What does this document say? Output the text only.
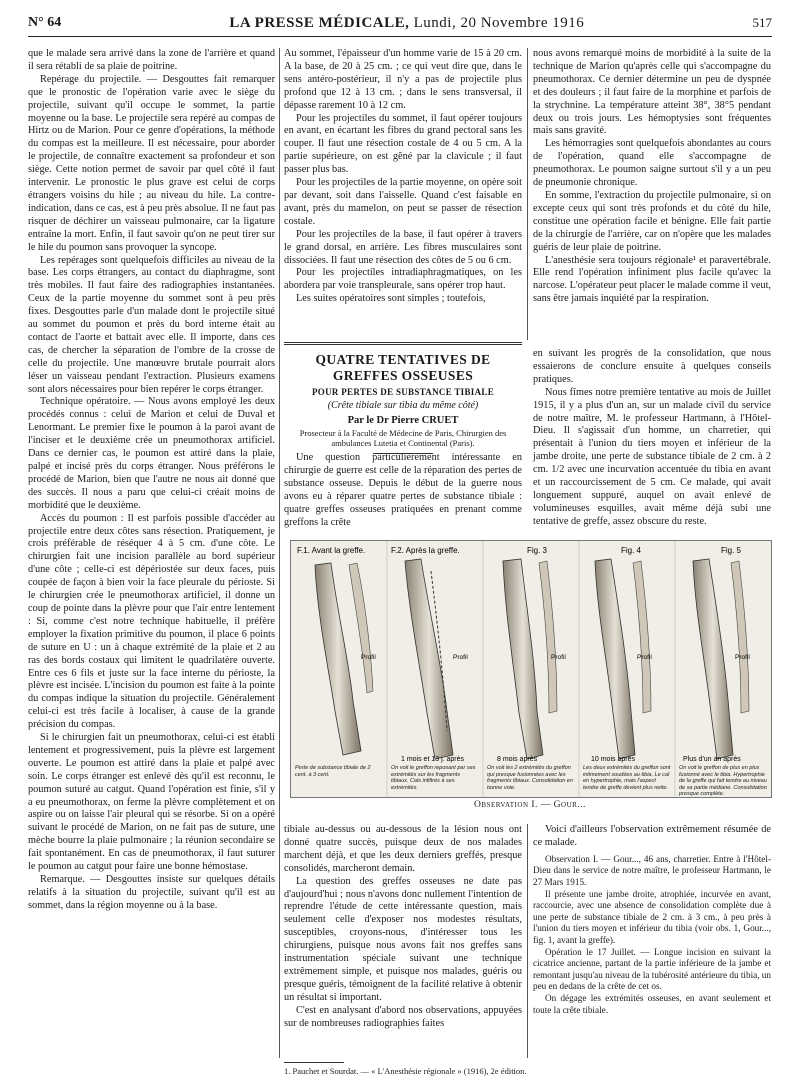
N° 64	LA PRESSE MÉDICALE, Lundi, 20 Novembre 1916	517

que le malade sera arrivé dans la zone de l'arrière et quand il sera rétabli de sa plaie de poitrine.

Repérage du projectile. — Desgouttes fait remarquer que le pronostic de l'opération varie avec le siège du projectile, suivant qu'il occupe le sommet, la partie moyenne ou la base. Le projectile sera repéré au compas de Hirtz ou de Marion. Pour ce genre d'opérations, la méthode du compas est la meilleure. Il est nécessaire, pour aborder le projectile, de connaître exactement sa profondeur et son siège. Cette notion permet de savoir par quel côté il faut intervenir. Le pronostic le plus grave est celui de corps étrangers voisins du hile ; au niveau du hile. La contre-indication, dans ce cas, est à peu près absolue. Il ne faut pas risquer de déchirer un vaisseau pulmonaire, car la ligature entraîne la mort. Enfin, il faut savoir qu'on ne peut tirer sur le hile du poumon sans provoquer la syncope.

Les repérages sont quelquefois difficiles au niveau de la base. Les corps étrangers, au contact du diaphragme, sont très mobiles. Il faut faire des radiographies instantanées. Ceux de la partie moyenne du sommet sont à peu près fixes. Desgouttes parle d'un malade dont le projectile situé au sommet du poumon et près du bord interne était au contact de l'aorte et battait avec elle. Il importe, dans ces cas, de chercher la séparation de l'ombre de la crosse de celle du projectile. Une manœuvre brutale pourrait alors léser un vaisseau pendant l'extraction. Plusieurs examens sont alors nécessaires pour bien repérer le corps étranger.

Technique opératoire. — Nous avons employé les deux procédés connus : celui de Marion et celui de Duval et Lenormant. Le premier fixe le poumon à la paroi avant de l'inciser et le deuxième crée un pneumothorax artificiel. Dans ce dernier cas, le poumon est attiré dans la plaie, palpé et incisé près du corps étranger. Nous préférons le procédé de Marion, bien que l'autre ne nous ait donné que des succès. Il nous a paru que celui-ci créait moins de morbidité que le deuxième.

Accès du poumon : Il est parfois possible d'accéder au projectile entre deux côtes sans résection. Pratiquement, je crois préférable de réséquer 4 à 5 cm. d'une côte. Le chirurgien fait une incision parallèle au bord supérieur d'une côte ; celle-ci est dépériostée sur deux faces, puis coupée de façon à bien voir la face pleurale du périoste. Si le chirurgien crée le pneumothorax artificiel, il donne un coup de pointe dans la plèvre pour que l'air entre lentement : Si, comme c'est notre technique habituelle, il préfère employer la fixation primitive du poumon, il place 6 points de suture en U : un à chaque extrémité de la plaie et 2 au ras des bords costaux qui limitent le quadrilatère ouverte. Entre ces 6 fils et juste sur la face interne du périoste, la plèvre est incisée. L'incision du poumon est faite à la pointe du compas indique la situation du projectile. Généralement celui-ci est très facile à localiser, à cause de la grande précision du compas.

Si le chirurgien fait un pneumothorax, celui-ci est établi lentement et progressivement, puis la plèvre est largement ouverte. Le poumon est attiré dans la plaie et palpé avec soin. Le corps étranger est enlevé dès qu'il est reconnu, le poumon suturé au catgut. Quand l'opération est finie, s'il y a eu pneumothorax, on ferme la plèvre complètement et on aspire ou on laisse l'air pleural qui se résorbe. Si on a opéré suivant le procédé de Marion, on ne fait pas de suture, une mèche bourre la plaie pulmonaire ; la réunion secondaire se fait spontanément. En cas de pneumothorax, il faut suturer le poumon au catgut pour faire une bonne hémostase.

Remarque. — Desgouttes insiste sur quelques détails relatifs à la situation du projectile, suivant qu'il est au sommet, dans la région moyenne ou à la base.

Au sommet, l'épaisseur d'un homme varie de 15 à 20 cm. A la base, de 20 à 25 cm. ; ce qui veut dire que, dans le sens antéro-postérieur, il n'y a pas de projectile plus profond que 12 à 13 cm. ; dans le sens transversal, il dépasse rarement 10 à 12 cm.

Pour les projectiles du sommet, il faut opérer toujours en avant, en écartant les fibres du grand pectoral sans les couper. Il faut une résection costale de 4 ou 5 cm. A la partie supérieure, on est gêné par la clavicule ; il faut passer plus bas.

Pour les projectiles de la partie moyenne, on opère soit par devant, soit dans l'aisselle. Quand c'est faisable en avant, près du mamelon, on peut se passer de résection costale.

Pour les projectiles de la base, il faut opérer à travers le grand dorsal, en arrière. Les fibres musculaires sont dissociées. Il faut une résection des côtes de 5 ou 6 cm.

Pour les projectiles intradiaphragmatiques, on les abordera par voie transpleurale, sans opérer trop haut.

Les suites opératoires sont simples ; toutefois,

nous avons remarqué moins de morbidité à la suite de la technique de Marion qu'après celle qui s'accompagne du pneumothorax. Ce dernier détermine un peu de dyspnée et des douleurs ; il faut faire de la morphine et parfois de la strychnine. La température atteint 38°, 38°5 pendant deux ou trois jours. Les hémoptysies sont fréquentes mais sans gravité.

Les hémorragies sont quelquefois abondantes au cours de l'opération, quand elle s'accompagne de pneumothorax. Le poumon saigne surtout s'il y a un peu de pneumonie chronique.

En somme, l'extraction du projectile pulmonaire, si on excepte ceux qui sont très profonds et du côté du hile, constitue une opération facile et bénigne. Elle fait partie de la chirurgie de l'arrière, car on n'opère que les malades guéris de leur plaie de poitrine.

L'anesthésie sera toujours régionale¹ et paravertébrale. Elle rend l'opération infiniment plus facile qu'avec la narcose. L'opérateur peut placer le malade comme il veut, sans être jamais inquiété par la respiration.

QUATRE TENTATIVES DE GREFFES OSSEUSES
POUR PERTES DE SUBSTANCE TIBIALE
(Crête tibiale sur tibia du même côté)
Par le Dr Pierre CRUET
Prosecteur à la Faculté de Médecine de Paris, Chirurgien des ambulances Lutetia et Continental (Paris).

Une question particulièrement intéressante en chirurgie de guerre est celle de la réparation des pertes de substance osseuse. Depuis le début de la guerre nous avons eu à réparer quatre pertes de substance tibiale : quatre greffes osseuses pratiquées en prenant comme greffons la crête

en suivant les progrès de la consolidation, que nous essaierons de conclure ensuite à quelques conseils pratiques.

Nous fîmes notre première tentative au mois de Juillet 1915, il y a plus d'un an, sur un malade civil du service de notre maître, M. le professeur Hartmann, à l'Hôtel-Dieu. Il s'agissait d'un homme, un charretier, qui présentait à l'union du tiers moyen et inférieur de la jambe droite, une perte de substance tibiale de 2 cm. à 2 cm. 1/2 avec une incurvation accentuée du tibia en avant et un raccourcissement de 5 cm. Ce malade, qui avait longuement suppuré, auquel on avait enlevé de volumineuses esquilles, avait même déjà subi une tentative de greffe, assez obscure du reste.

F.1. Avant la greffe.	F.2. Après la greffe.	Fig. 3	Fig. 4	Fig. 5
Profil	Profil	Profil	Profil	Profil
1 mois et 13 j. après	8 mois après	10 mois après	Plus d'un an après
Perte de substance tibiale de 2 cent. à 3 cent.
On voit le greffon reposant par ses extrémités sur les fragments tibiaux. Cals infiltrés à ses extrémités.
On voit les 2 extrémités du greffon qui presque fusionnées avec les fragments tibiaux. Consolidation en bonne voie.
Les deux extrémités du greffon sont intimement soudées au tibia. Le cal en hypertrophie, mais l'aspect tendre de greffe devient plus nette.
On voit le greffon de plus en plus fusionné avec le tibia. Hypertrophie de la greffe qui fait tendre au niveau de sa partie médiane. Consolidation presque complète.
Observation I. — Gour...

tibiale au-dessus ou au-dessous de la lésion nous ont donné quatre succès, puisque deux de nos malades marchent déjà, et que les deux derniers greffés, presque consolidés, marcheront demain.

La question des greffes osseuses ne date pas d'aujourd'hui ; nous n'avons donc nullement l'intention de reprendre l'étude de cette intéressante question, mais seulement celle d'exposer nos modestes résultats, susceptibles, croyons-nous, d'intéresser tous les chirurgiens, puisque nous avons fait nos greffes sans instrumentation spéciale suivant une technique extrêmement simple, et puisque nos malades, guéris ou presque guéris, témoignent de la facilité relative à obtenir un résultat si important.

C'est en analysant d'abord nos observations, appuyées sur de nombreuses radiographies faites

Voici d'ailleurs l'observation extrêmement résumée de ce malade.

Observation I. — Gour..., 46 ans, charretier. Entre à l'Hôtel-Dieu dans le service de notre maître, le professeur Hartmann, le 27 Mars 1915.

Il présente une jambe droite, atrophiée, incurvée en avant, raccourcie, avec une absence de consolidation complète due à une perte de substance tibiale de 2 cm. à 3 cm., à peu près à l'union du tiers moyen et inférieur du tibia (voir obs. 1, Gour..., fig. 1, avant la greffe).

Opération le 17 Juillet. — Longue incision en suivant la cicatrice ancienne, partant de la partie inférieure de la jambe et remontant jusqu'au niveau de la tubérosité antérieure du tibia, un peu en dedans de la crête de cet os.

On dégage les extrémités osseuses, en avant seulement et toute la crête tibiale.

1. Pauchet et Sourdat. — « L'Anesthésie régionale » (1916), 2e édition.
